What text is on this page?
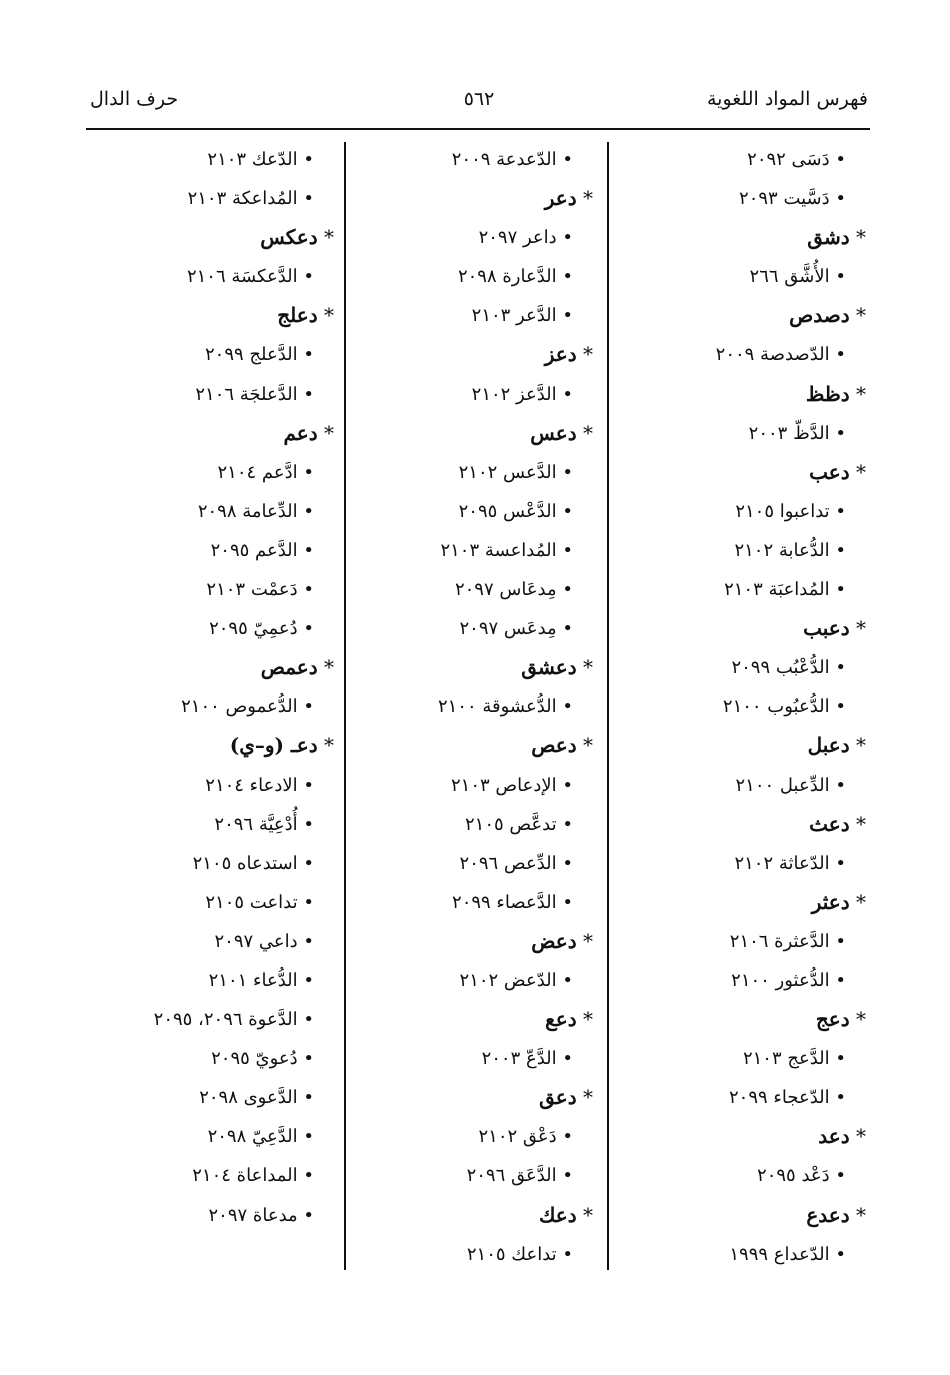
فهرس المواد اللغوية
٥٦٢
حرف الدال
• دَسَى ٢٠٩٢
• دَسَّيت ٢٠٩٣
* دشق
• الأُشَّق ٢٦٦
* دصدص
• الدّصدصة ٢٠٠٩
* دظظ
• الدَّظّ ٢٠٠٣
* دعب
• تداعبوا ٢١٠٥
• الدُّعابة ٢١٠٢
• المُداعبَة ٢١٠٣
* دعبب
• الدُّعْبُب ٢٠٩٩
• الدُّعبُوب ٢١٠٠
* دعبل
• الدِّعبل ٢١٠٠
* دعث
• الدّعاثة ٢١٠٢
* دعثر
• الدَّعثرة ٢١٠٦
• الدُّعثور ٢١٠٠
* دعج
• الدَّعج ٢١٠٣
• الدّعجاء ٢٠٩٩
* دعد
• دَعْد ٢٠٩٥
* دعدع
• الدّعداع ١٩٩٩
• الدّعدعة ٢٠٠٩
* دعر
• داعر ٢٠٩٧
• الدَّعارة ٢٠٩٨
• الدَّعر ٢١٠٣
* دعز
• الدَّعز ٢١٠٢
* دعس
• الدَّعس ٢١٠٢
• الدَّعْس ٢٠٩٥
• المُداعسة ٢١٠٣
• مِدعَاس ٢٠٩٧
• مِدعَس ٢٠٩٧
* دعشق
• الدُّعشوقة ٢١٠٠
* دعص
• الإدعاص ٢١٠٣
• تدعَّص ٢١٠٥
• الدِّعص ٢٠٩٦
• الدَّعصاء ٢٠٩٩
* دعض
• الدّعض ٢١٠٢
* دعع
• الدَّعّ ٢٠٠٣
* دعق
• دَعْق ٢١٠٢
• الدَّعَق ٢٠٩٦
* دعك
• تداعك ٢١٠٥
• الدّعك ٢١٠٣
• المُداعكة ٢١٠٣
* دعكس
• الدَّعكسَة ٢١٠٦
* دعلج
• الدَّعلج ٢٠٩٩
• الدَّعلجَة ٢١٠٦
* دعم
• ادَّعم ٢١٠٤
• الدِّعامة ٢٠٩٨
• الدَّعم ٢٠٩٥
• دَعمْت ٢١٠٣
• دُعمِيّ ٢٠٩٥
* دعمص
• الدُّعموص ٢١٠٠
* دعـ (و–ي)
• الادعاء ٢١٠٤
• أُدْعِيَّة ٢٠٩٦
• استدعاه ٢١٠٥
• تداعت ٢١٠٥
• داعي ٢٠٩٧
• الدُّعاء ٢١٠١
• الدَّعوة ٢٠٩٦، ٢٠٩٥
• دُعويّ ٢٠٩٥
• الدَّعوى ٢٠٩٨
• الدَّعِيّ ٢٠٩٨
• المداعاة ٢١٠٤
• مدعاة ٢٠٩٧
